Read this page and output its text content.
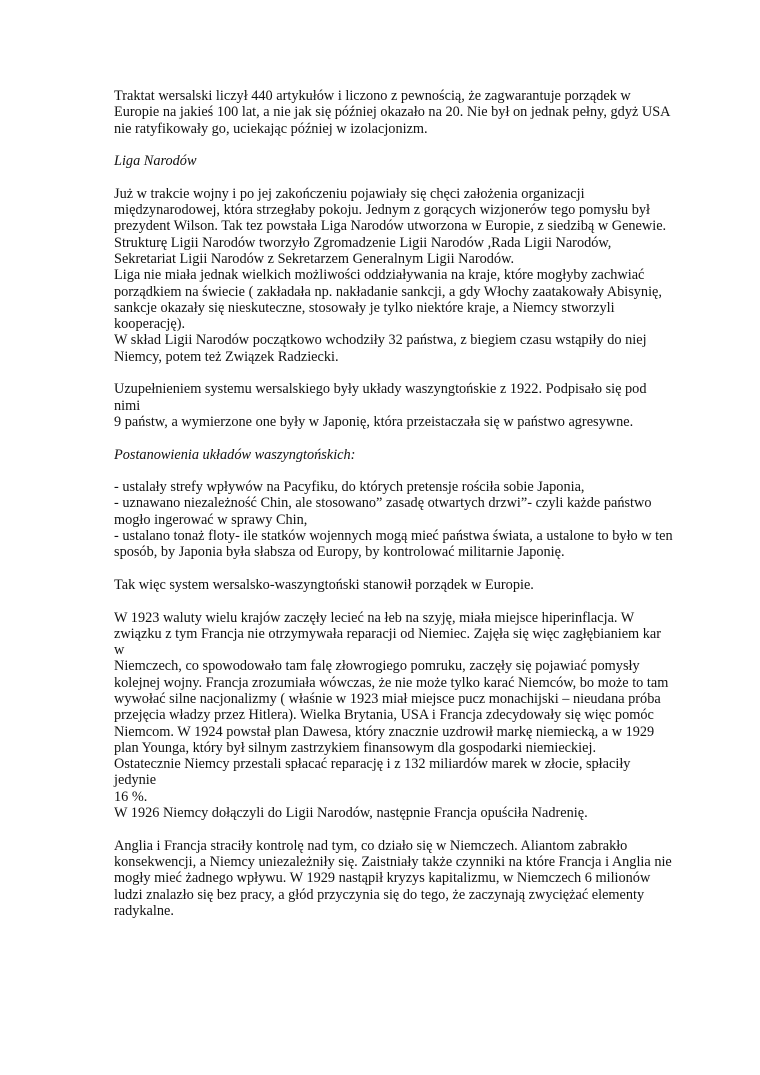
Traktat wersalski liczył 440 artykułów i liczono z pewnością, że zagwarantuje porządek w
Europie na jakieś 100 lat, a nie jak się później okazało na 20. Nie był on jednak pełny, gdyż USA
nie ratyfikowały go, uciekając później w izolacjonizm.

Liga Narodów

Już w trakcie wojny i po jej zakończeniu pojawiały się chęci założenia organizacji
międzynarodowej, która strzegłaby pokoju. Jednym z gorących wizjonerów tego pomysłu był
prezydent Wilson. Tak tez powstała Liga Narodów utworzona w Europie, z siedzibą w Genewie.
Strukturę Ligii Narodów tworzyło Zgromadzenie Ligii Narodów ,Rada Ligii Narodów,
Sekretariat Ligii Narodów z Sekretarzem Generalnym Ligii Narodów.
Liga nie miała jednak wielkich możliwości oddziaływania na kraje, które mogłyby zachwiać
porządkiem na świecie ( zakładała np. nakładanie sankcji, a gdy Włochy zaatakowały Abisynię,
sankcje okazały się nieskuteczne, stosowały je tylko niektóre kraje, a Niemcy stworzyli
kooperację).
W skład Ligii Narodów początkowo wchodziły 32 państwa, z biegiem czasu wstąpiły do niej
Niemcy, potem też Związek Radziecki.

Uzupełnieniem systemu wersalskiego były układy waszyngtońskie z 1922. Podpisało się pod nimi
9 państw, a wymierzone one były w Japonię, która przeistaczała się w państwo agresywne.

Postanowienia układów waszyngtońskich:

- ustalały strefy wpływów na Pacyfiku, do których pretensje rościła sobie Japonia,
- uznawano niezależność Chin, ale stosowano” zasadę otwartych drzwi”- czyli każde państwo
mogło ingerować w sprawy Chin,
- ustalano tonaż floty- ile statków wojennych mogą mieć państwa świata, a ustalone to było w ten
sposób, by Japonia była słabsza od Europy, by kontrolować militarnie Japonię.

Tak więc system wersalsko-waszyngtoński stanowił porządek w Europie.

W 1923 waluty wielu krajów zaczęły lecieć na łeb na szyję, miała miejsce hiperinflacja. W
związku z tym Francja nie otrzymywała reparacji od Niemiec. Zajęła się więc zagłębianiem kar w
Niemczech, co spowodowało tam falę złowrogiego pomruku, zaczęły się pojawiać pomysły
kolejnej wojny. Francja zrozumiała wówczas, że nie może tylko karać Niemców, bo może to tam
wywołać silne nacjonalizmy ( właśnie w 1923 miał miejsce pucz monachijski – nieudana próba
przejęcia władzy przez Hitlera). Wielka Brytania, USA i Francja zdecydowały się więc pomóc
Niemcom. W 1924 powstał plan Dawesa, który znacznie uzdrowił markę niemiecką, a w 1929
plan Younga, który był silnym zastrzykiem finansowym dla gospodarki niemieckiej.
Ostatecznie Niemcy przestali spłacać reparację i z 132 miliardów marek w złocie, spłaciły jedynie
16 %.
W 1926 Niemcy dołączyli do Ligii Narodów, następnie Francja opuściła Nadrenię.

Anglia i Francja straciły kontrolę nad tym, co działo się w Niemczech. Aliantom zabrakło
konsekwencji, a Niemcy uniezależniły się. Zaistniały także czynniki na które Francja i Anglia nie
mogły mieć żadnego wpływu. W 1929 nastąpił kryzys kapitalizmu, w Niemczech 6 milionów
ludzi znalazło się bez pracy, a głód przyczynia się do tego, że zaczynają zwyciężać elementy
radykalne.
